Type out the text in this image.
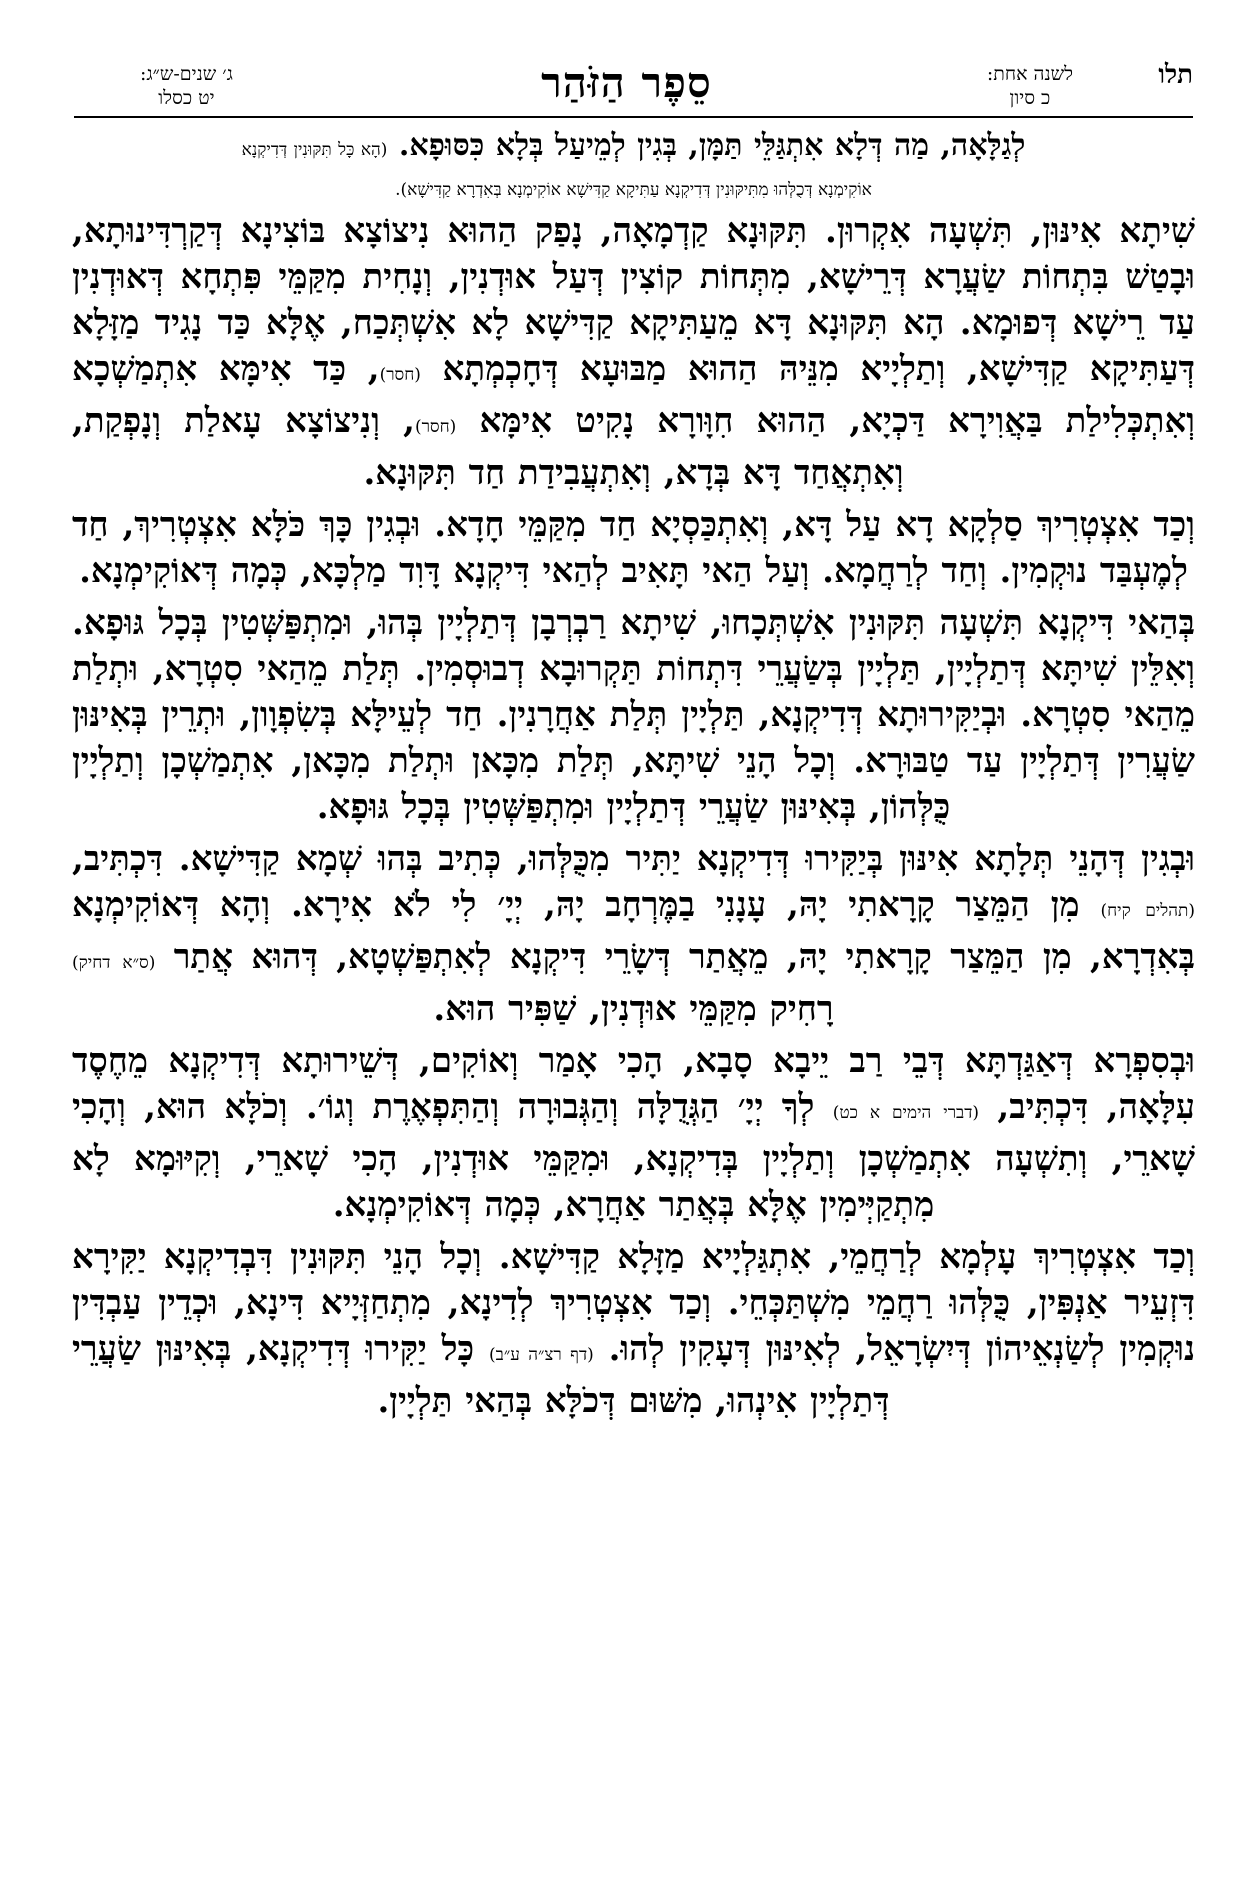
תלו
לשנה אחת:
כ סיון
סֵפֶר הַזֹּהַר
ג׳ שנים-ש״ג:
יט כסלו
לְגַלָּאָה, מַה דְּלָא אִתְגַּלֵּי תַּמָּן, בְּגִין לְמֵיעַל בְּלָא כִּסּוּפָא. (הָא כָּל תִּקּוּנִין דְּדִיקְנָא
אוֹקִימְנָא דְּכֻלְּהוּ מִתִּיקּוּנִין דְּדִיקְנָא עַתִּיקָא קַדִּישָׁא אוֹקִימְנָא בְּאִדְרָא קַדִּישָׁא).
שִׁיתָא אִינּוּן, תִּשְׁעָה אִקְרוּן. תִּקּוּנָא קַדְמָאָה, נָפַק הַהוּא נִיצוֹצָא בּוֹצִינָא דְּקַרְדִּינוּתָא, וּבָטַשׁ בִּתְחוֹת שַׂעֲרָא דְּרֵישָׁא, מִתְּחוֹת קוֹצִין דְּעַל אוּדְנִין, וְנָחִית מִקַּמֵּי פִּתְחָא דְּאוּדְנִין עַד רֵישָׁא דְּפוּמָא. הָא תִּקּוּנָא דָּא מֵעַתִּיקָא קַדִּישָׁא לָא אִשְׁתְּכַח, אֶלָּא כַּד נָגִיד מַזָּלָא דְּעַתִּיקָא קַדִּישָׁא, וְתַלְיָיא מִנֵּיהּ הַהוּא מַבּוּעָא דְּחָכְמְתָא (חסר), כַּד אִימָּא אִתְמַשְׁכָא וְאִתְכְּלִילַת בַּאֲוִירָא דַּכְיָא, הַהוּא חִוָּורָא נָקִיט אִימָּא (חסר), וְנִיצוֹצָא עָאלַת וְנָפְקַת, וְאִתְאֲחַד דָּא בְּדָא, וְאִתְעֲבִידַת חַד תִּקּוּנָא.
וְכַד אִצְטְרִיךְ סַלְקָא דָא עַל דָּא, וְאִתְכַּסְיָא חַד מִקַּמֵּי חָדָא. וּבְגִין כָּךְ כֹּלָּא אִצְטְרִיךְ, חַד לְמֶעְבַּד נוּקְמִין. וְחַד לְרַחֲמָא. וְעַל הַאי תָּאִיב לְהַאי דִּיקְנָא דָּוִד מַלְכָּא, כְּמָה דְּאוֹקִימְנָא.
בְּהַאי דִּיקְנָא תִּשְׁעָה תִּקּוּנִין אִשְׁתְּכָחוּ, שִׁיתָא רַבְרְבָן דְּתַלְיָין בְּהוּ, וּמִתְפַּשְּׁטִין בְּכָל גּוּפָא. וְאִלֵּין שִׁיתָּא דְּתַלְיָין, תַּלְיָין בְּשַׂעֲרֵי דִּתְחוֹת תַּקְרוּבָא דְבוּסְמִין. תְּלַת מֵהַאי סִטְרָא, וּתְלַת מֵהַאי סִטְרָא. וּבְיַקִּירוּתָא דְּדִיקְנָא, תַּלְיָין תְּלַת אַחֲרָנִין. חַד לְעֵילָּא בְּשִׂפְוָון, וּתְרֵין בְּאִינּוּן שַׂעֲרִין דְּתַלְיָין עַד טַבּוּרָא. וְכָל הָנֵי שִׁיתָּא, תְּלַת מִכָּאן וּתְלַת מִכָּאן, אִתְמַשְׁכָן וְתַלְיָין כֻּלְּהוֹן, בְּאִינּוּן שַׂעֲרֵי דְּתַלְיָין וּמִתְפַּשְּׁטִין בְּכָל גּוּפָא.
וּבְגִין דְּהָנֵי תְּלָתָא אִינּוּן בְּיַקִּירוּ דְּדִיקְנָא יַתִּיר מִכֻּלְּהוּ, כְּתִיב בְּהוּ שְׁמָא קַדִּישָׁא. דִּכְתִּיב, (תהלים קיח) מִן הַמֵּצַר קָרָאתִי יָהּ, עָנָנִי בַמֶּרְחָב יָהּ, יְיָ׳ לִי לֹא אִירָא. וְהָא דְּאוֹקִימְנָא בְּאִדְרָא, מִן הַמֵּצַר קָרָאתִי יָהּ, מֵאֲתַר דְּשָׂרֵי דִּיקְנָא לְאִתְפַּשְׁטָא, דְּהוּא אֲתַר (ס״א דחיק) רָחִיק מִקַּמֵּי אוּדְנִין, שַׁפִּיר הוּא.
וּבְסִפְרָא דְּאַגַּדְתָּא דְּבֵי רַב יֵיבָא סָבָא, הָכִי אָמַר וְאוֹקִים, דְּשֵׁירוּתָא דְּדִיקְנָא מֵחֶסֶד עִלָּאָה, דִּכְתִּיב, (דברי הימים א כט) לְךָ יְיָ׳ הַגְּדֻלָּה וְהַגְּבוּרָה וְהַתִּפְאֶרֶת וְגוֹ׳. וְכֹלָּא הוּא, וְהָכִי שָׁארֵי, וְתִשְׁעָה אִתְמַשְׁכָן וְתַלְיָין בְּדִיקְנָא, וּמִקַּמֵּי אוּדְנִין, הָכִי שָׁארֵי, וְקִיּוּמָא לָא מִתְקַיְּימִין אֶלָּא בְּאֲתַר אַחֲרָא, כְּמָה דְּאוֹקִימְנָא.
וְכַד אִצְטְרִיךְ עָלְמָא לְרַחֲמֵי, אִתְגַּלְיָיא מַזָּלָא קַדִּישָׁא. וְכָל הָנֵי תִּקּוּנִין דִּבְדִיקְנָא יַקִּירָא דִּזְעֵיר אַנְפִּין, כֻּלְּהוּ רַחֲמֵי מִשְׁתַּכְּחֵי. וְכַד אִצְטְרִיךְ לְדִינָא, מִתְחַזְּיָיא דִּינָא, וּכְדֵין עַבְדִּין נוּקְמִין לְשַׂנְאֵיהוֹן דְּיִשְׂרָאֵל, לְאִינּוּן דְּעָקִין לְהוּ. (דף רצ״ה ע״ב) כָּל יַקִּירוּ דְּדִיקְנָא, בְּאִינּוּן שַׂעֲרֵי דְּתַלְיָין אִינְהוּ, מִשּׁוּם דְּכֹלָּא בְּהַאי תַּלְיָין.
